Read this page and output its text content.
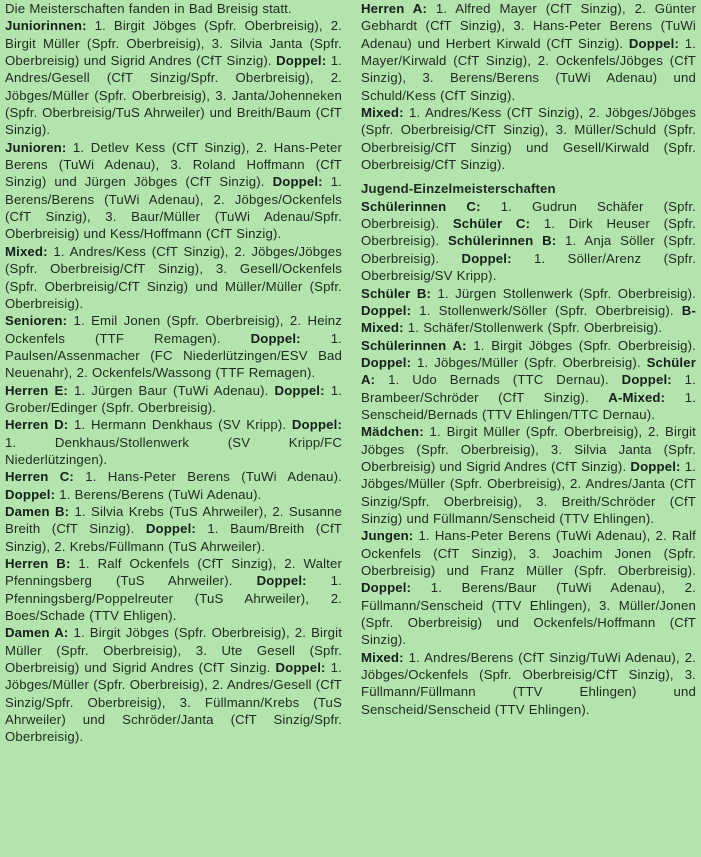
Die Meisterschaften fanden in Bad Breisig statt.

Juniorinnen: 1. Birgit Jöbges (Spfr. Oberbreisig), 2. Birgit Müller (Spfr. Oberbreisig), 3. Silvia Janta (Spfr. Oberbreisig) und Sigrid Andres (CfT Sinzig). Doppel: 1. Andres/Gesell (CfT Sinzig/Spfr. Oberbreisig), 2. Jöbges/Müller (Spfr. Oberbreisig), 3. Janta/Johenneken (Spfr. Oberbreisig/TuS Ahrweiler) und Breith/Baum (CfT Sinzig).

Junioren: 1. Detlev Kess (CfT Sinzig), 2. Hans-Peter Berens (TuWi Adenau), 3. Roland Hoffmann (CfT Sinzig) und Jürgen Jöbges (CfT Sinzig). Doppel: 1. Berens/Berens (TuWi Adenau), 2. Jöbges/Ockenfels (CfT Sinzig), 3. Baur/Müller (TuWi Adenau/Spfr. Oberbreisig) und Kess/Hoffmann (CfT Sinzig).

Mixed: 1. Andres/Kess (CfT Sinzig), 2. Jöbges/Jöbges (Spfr. Oberbreisig/CfT Sinzig), 3. Gesell/Ockenfels (Spfr. Oberbreisig/CfT Sinzig) und Müller/Müller (Spfr. Oberbreisig).

Senioren: 1. Emil Jonen (Spfr. Oberbreisig), 2. Heinz Ockenfels (TTF Remagen). Doppel: 1. Paulsen/Assenmacher (FC Niederlützingen/ESV Bad Neuenahr), 2. Ockenfels/Wassong (TTF Remagen).

Herren E: 1. Jürgen Baur (TuWi Adenau). Doppel: 1. Grober/Edinger (Spfr. Oberbreisig).

Herren D: 1. Hermann Denkhaus (SV Kripp). Doppel: 1. Denkhaus/Stollenwerk (SV Kripp/FC Niederlützingen).

Herren C: 1. Hans-Peter Berens (TuWi Adenau). Doppel: 1. Berens/Berens (TuWi Adenau).

Damen B: 1. Silvia Krebs (TuS Ahrweiler), 2. Susanne Breith (CfT Sinzig). Doppel: 1. Baum/Breith (CfT Sinzig), 2. Krebs/Füllmann (TuS Ahrweiler).

Herren B: 1. Ralf Ockenfels (CfT Sinzig), 2. Walter Pfenningsberg (TuS Ahrweiler). Doppel: 1. Pfenningsberg/Poppelreuter (TuS Ahrweiler), 2. Boes/Schade (TTV Ehligen).

Damen A: 1. Birgit Jöbges (Spfr. Oberbreisig), 2. Birgit Müller (Spfr. Oberbreisig), 3. Ute Gesell (Spfr. Oberbreisig) und Sigrid Andres (CfT Sinzig. Doppel: 1. Jöbges/Müller (Spfr. Oberbreisig), 2. Andres/Gesell (CfT Sinzig/Spfr. Oberbreisig), 3. Füllmann/Krebs (TuS Ahrweiler) und Schröder/Janta (CfT Sinzig/Spfr. Oberbreisig).

Herren A: 1. Alfred Mayer (CfT Sinzig), 2. Günter Gebhardt (CfT Sinzig), 3. Hans-Peter Berens (TuWi Adenau) und Herbert Kirwald (CfT Sinzig). Doppel: 1. Mayer/Kirwald (CfT Sinzig), 2. Ockenfels/Jöbges (CfT Sinzig), 3. Berens/Berens (TuWi Adenau) und Schuld/Kess (CfT Sinzig).

Mixed: 1. Andres/Kess (CfT Sinzig), 2. Jöbges/Jöbges (Spfr. Oberbreisig/CfT Sinzig), 3. Müller/Schuld (Spfr. Oberbreisig/CfT Sinzig) und Gesell/Kirwald (Spfr. Oberbreisig/CfT Sinzig).

Jugend-Einzelmeisterschaften

Schülerinnen C: 1. Gudrun Schäfer (Spfr. Oberbreisig). Schüler C: 1. Dirk Heuser (Spfr. Oberbreisig). Schülerinnen B: 1. Anja Söller (Spfr. Oberbreisig). Doppel: 1. Söller/Arenz (Spfr. Oberbreisig/SV Kripp).

Schüler B: 1. Jürgen Stollenwerk (Spfr. Oberbreisig). Doppel: 1. Stollenwerk/Söller (Spfr. Oberbreisig). B-Mixed: 1. Schäfer/Stollenwerk (Spfr. Oberbreisig).

Schülerinnen A: 1. Birgit Jöbges (Spfr. Oberbreisig). Doppel: 1. Jöbges/Müller (Spfr. Oberbreisig). Schüler A: 1. Udo Bernads (TTC Dernau). Doppel: 1. Brambeer/Schröder (CfT Sinzig). A-Mixed: 1. Senscheid/Bernads (TTV Ehlingen/TTC Dernau).

Mädchen: 1. Birgit Müller (Spfr. Oberbreisig), 2. Birgit Jöbges (Spfr. Oberbreisig), 3. Silvia Janta (Spfr. Oberbreisig) und Sigrid Andres (CfT Sinzig). Doppel: 1. Jöbges/Müller (Spfr. Oberbreisig), 2. Andres/Janta (CfT Sinzig/Spfr. Oberbreisig), 3. Breith/Schröder (CfT Sinzig) und Füllmann/Senscheid (TTV Ehlingen).

Jungen: 1. Hans-Peter Berens (TuWi Adenau), 2. Ralf Ockenfels (CfT Sinzig), 3. Joachim Jonen (Spfr. Oberbreisig) und Franz Müller (Spfr. Oberbreisig). Doppel: 1. Berens/Baur (TuWi Adenau), 2. Füllmann/Senscheid (TTV Ehlingen), 3. Müller/Jonen (Spfr. Oberbreisig) und Ockenfels/Hoffmann (CfT Sinzig).

Mixed: 1. Andres/Berens (CfT Sinzig/TuWi Adenau), 2. Jöbges/Ockenfels (Spfr. Oberbreisig/CfT Sinzig), 3. Füllmann/Füllmann (TTV Ehlingen) und Senscheid/Senscheid (TTV Ehlingen).
